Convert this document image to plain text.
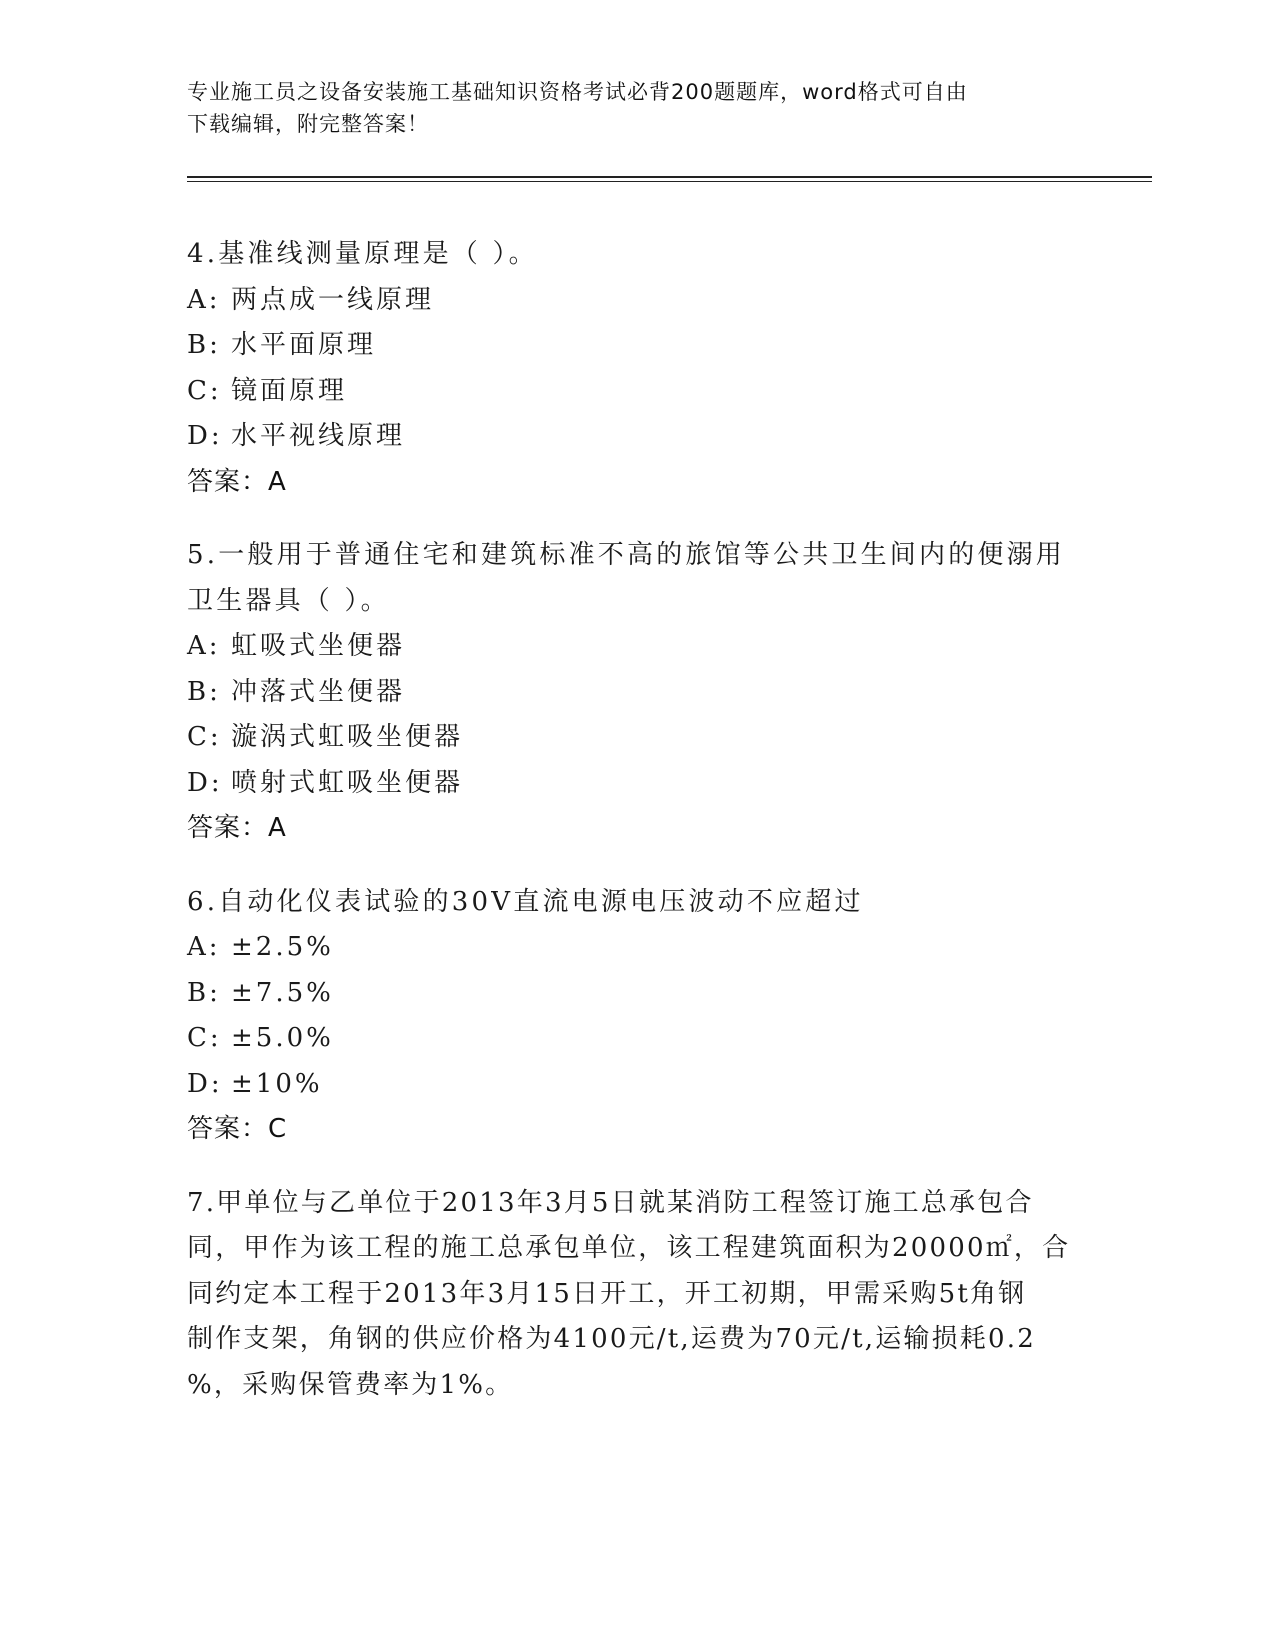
专业施工员之设备安装施工基础知识资格考试必背200题题库，word格式可自由
下载编辑，附完整答案！
4.基准线测量原理是（ ）。
A: 两点成一线原理
B: 水平面原理
C: 镜面原理
D: 水平视线原理
答案：A
5.一般用于普通住宅和建筑标准不高的旅馆等公共卫生间内的便溺用
卫生器具（ ）。
A: 虹吸式坐便器
B: 冲落式坐便器
C: 漩涡式虹吸坐便器
D: 喷射式虹吸坐便器
答案：A
6.自动化仪表试验的30V直流电源电压波动不应超过
A: ±2.5%
B: ±7.5%
C: ±5.0%
D: ±10%
答案：C
7.甲单位与乙单位于2013年3月5日就某消防工程签订施工总承包合
同，甲作为该工程的施工总承包单位，该工程建筑面积为20000㎡，合
同约定本工程于2013年3月15日开工，开工初期，甲需采购5t角钢
制作支架，角钢的供应价格为4100元/t,运费为70元/t,运输损耗0.2
%，采购保管费率为1%。
